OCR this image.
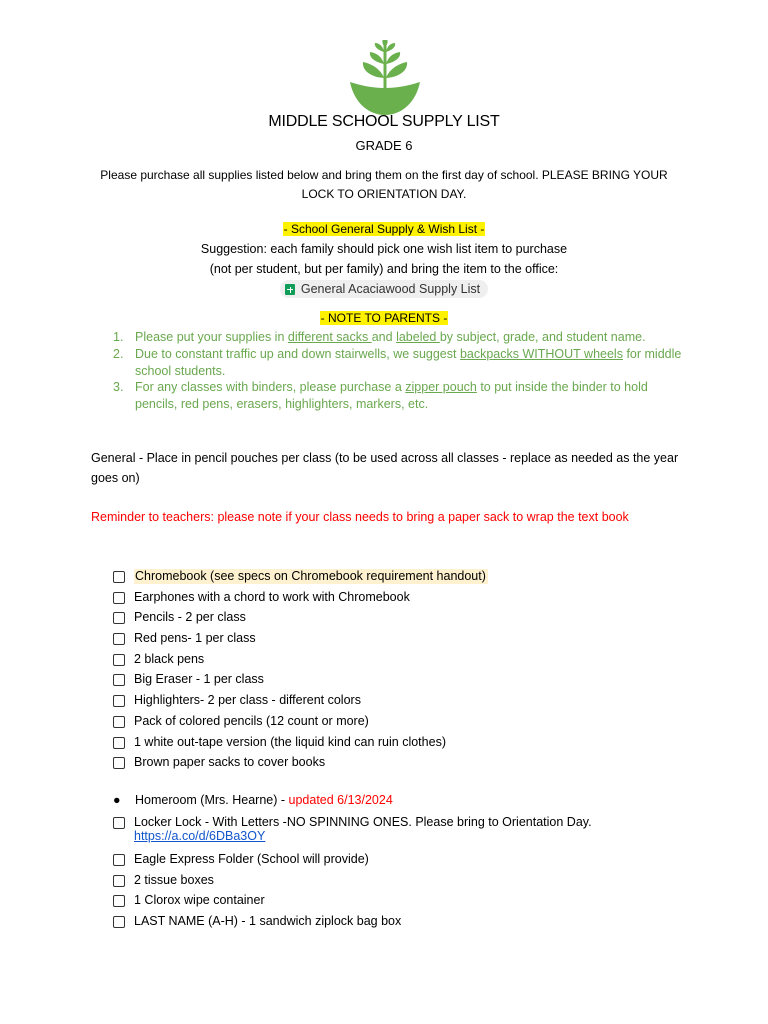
MIDDLE SCHOOL SUPPLY LIST
GRADE 6
Please purchase all supplies listed below and bring them on the first day of school. PLEASE BRING YOUR
LOCK TO ORIENTATION DAY.
- School General Supply & Wish List -
Suggestion: each family should pick one wish list item to purchase
(not per student, but per family) and bring the item to the office:
General Acaciawood Supply List
- NOTE TO PARENTS -
1. Please put your supplies in different sacks and labeled by subject, grade, and student name.
2. Due to constant traffic up and down stairwells, we suggest backpacks WITHOUT wheels for middle school students.
3. For any classes with binders, please purchase a zipper pouch to put inside the binder to hold pencils, red pens, erasers, highlighters, markers, etc.
General - Place in pencil pouches per class (to be used across all classes - replace as needed as the year goes on)
Reminder to teachers: please note if your class needs to bring a paper sack to wrap the text book
Chromebook (see specs on Chromebook requirement handout)
Earphones with a chord to work with Chromebook
Pencils - 2 per class
Red pens- 1 per class
2 black pens
Big Eraser - 1 per class
Highlighters- 2 per class - different colors
Pack of colored pencils (12 count or more)
1 white out-tape version (the liquid kind can ruin clothes)
Brown paper sacks to cover books
●	Homeroom (Mrs. Hearne) -
updated 6/13/2024
Locker Lock - With Letters -NO SPINNING ONES. Please bring to Orientation Day.
https://a.co/d/6DBa3OY
Eagle Express Folder (School will provide)
2 tissue boxes
1 Clorox wipe container
LAST NAME (A-H) - 1 sandwich ziplock bag box
